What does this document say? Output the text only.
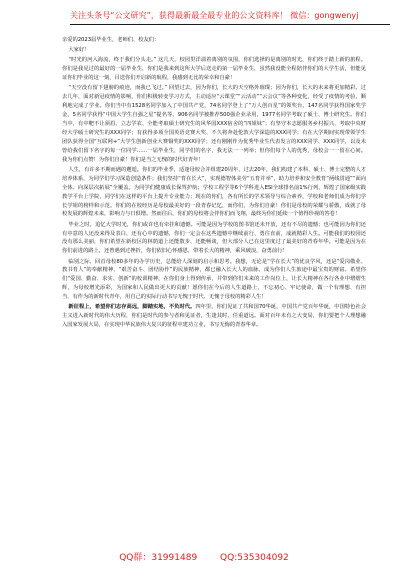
关注头条号“公文研究”，获得最新最全最专业的公文资料库！ 微信：gongwenyj

亲爱的2023届毕业生，老师们、校友们：

大家好！

“时光的河入海流，终于我们分头走。” 这几天，校园里洋溢着离别的氛围，你们选择的是离别的时光，你们终于踏上新的旅程。你们是我见过的最好的一届毕业生，你们是我来到这所大学后送走的第一届毕业生，虽然我没能全程陪伴你们的大学生活，但能见证你们毕业的这一刻，目送你们开启新的航程，我感到无比的荣幸和自豪！

“天空没有留下翅膀的痕迹，而我已飞过。” 回望过去，因为你们，长大的天空格外璀璨；因为你们，长大的未来将更加精彩。过去几年，面对新冠疫情的影响，你们积极转变学习方式，主动适应“云课堂”“云活动”“云会议”等各种变化，经受了疫情的考验，顺利地完成了学业。你们当中有1528名同学加入了中国共产党，74名同学登上了“万人创百星”的领奖台，147名同学获得国家奖学金，5名同学获得“中国大学生自强之星”提名等，906名同学被推荐500强企业录用，1977名同学考取了硕士、博士研究生。你们当中，有中靶不让须眉、立志学农、全能考取硕士研究生的风华国XXX宿舍的“四姐妹”；有坚守本志愿服务乡村振兴、考取中央财经大学硕士研究生的XXX同学；有获得多项全国英语竞赛大奖、不久将奔赴伦敦大学深造的XXX同学；有在大学期间实现带领学生团队获得全国“互联网+”大学生创新创业大赛铜奖的XXX同学；还有刚刚作为优秀毕业生代表发言的XXX同学、XXX同学，以及未曾给我们留下名字的每一位同学……一届毕业生，同学们的名字，我无法一一列举；但你们每个人的优秀，母校会一一留在心间。我为你们点赞！为你们自豪！你们是当之无愧的时代好青年！

人生，有许多不期而遇的邂逅。你们的毕业季，适逢母校合并组建20周年，过去20年，我们构建了本科、硕士、博士完整的人才培养体系，为同学们学习深造创造条件；我们坚持“育在长大”，实现德智体美劳“五育并举”，助力培养和安全教育“两线贯通”“面向全体、向深层次拓展”全覆盖。为同学们健康成长保驾护航；学校工程学等6个学科进入ESI全球排名前1%行列，辉煌了国家级实践教学平台上学院，同学们在这样的平台上提升专业能力；现在的你们，各有所长的学术领导与综合素养，学校和老师们成为你们学长学姐的榜样和示范。你们的在校经历是母校最美好的一段青春记忆，而你们，为你们自豪！你们是母校的荣耀与骄傲，成就了母校发展的辉煌未来，影响力与日俱增。然而往后，你们的母校将会伴你们而飞翔，最终为你们延续一个值得珍视的答卷！

毕业之时，追忆大学时光，你们或许也有牵挂和遗憾。可能是因为学校的图书馆还未开放，还有不尽的遗憾；也可能因为你们还有中意的人还没来得及表白，还有心中的遗憾，你们一定会在这些遗憾中继续前行、勇往直前，成就精彩人生。可能我们的校园还没有那么美丽，你们希望在新校区的林荫道上还能散步、还能畅谈，但大部分人已在这里度过了最美好的青春年华。可能是因为在你们前进的路上，还曾遇到过挫折，你们依旧心怀感恩，带着长大的精神，乘风破浪，奋勇前行！

临别之际，回首母校80多年的办学历史，总能给人深刻的启示和思考。我想，无论是“学在长大”的优良学风，还是“爱岗敬业、教书育人”的奉献精神、“艰苦奋斗、团结协作”的民族精神，都已融入长大人的血脉，成为你们人生旅途中最宝贵的财富。希望你们“爱国、勤奋、求实、创新”的校训精神，在你们身上得到传承，并带到你们未来的工作岗位上，让长大精神在各行各业中熠熠生辉，为母校增光添彩，为国家和人民做出更大的贡献！愿你们在今后的人生道路上，不忘初心、牢记使命，做一个有理想、有担当、有作为的新时代青年，用自己的实际行动书写无愧于时代、无愧于母校的精彩人生！

新征程上，希望你们志存高远，脚踏实地，不负时代。四年里，你们见证了共和国70华诞，中国共产党百年华诞，中国特色社会主义进入新时代的伟大历程，你们是时代的参与者和见证者，生逢其时、任重道远。面对百年未有之大变局，你们要把个人理想融入国家发展大局，在实现中华民族伟大复兴的征程中建功立业，书写无悔的青春华章。

QQ群：31991489	QQ:535304092
